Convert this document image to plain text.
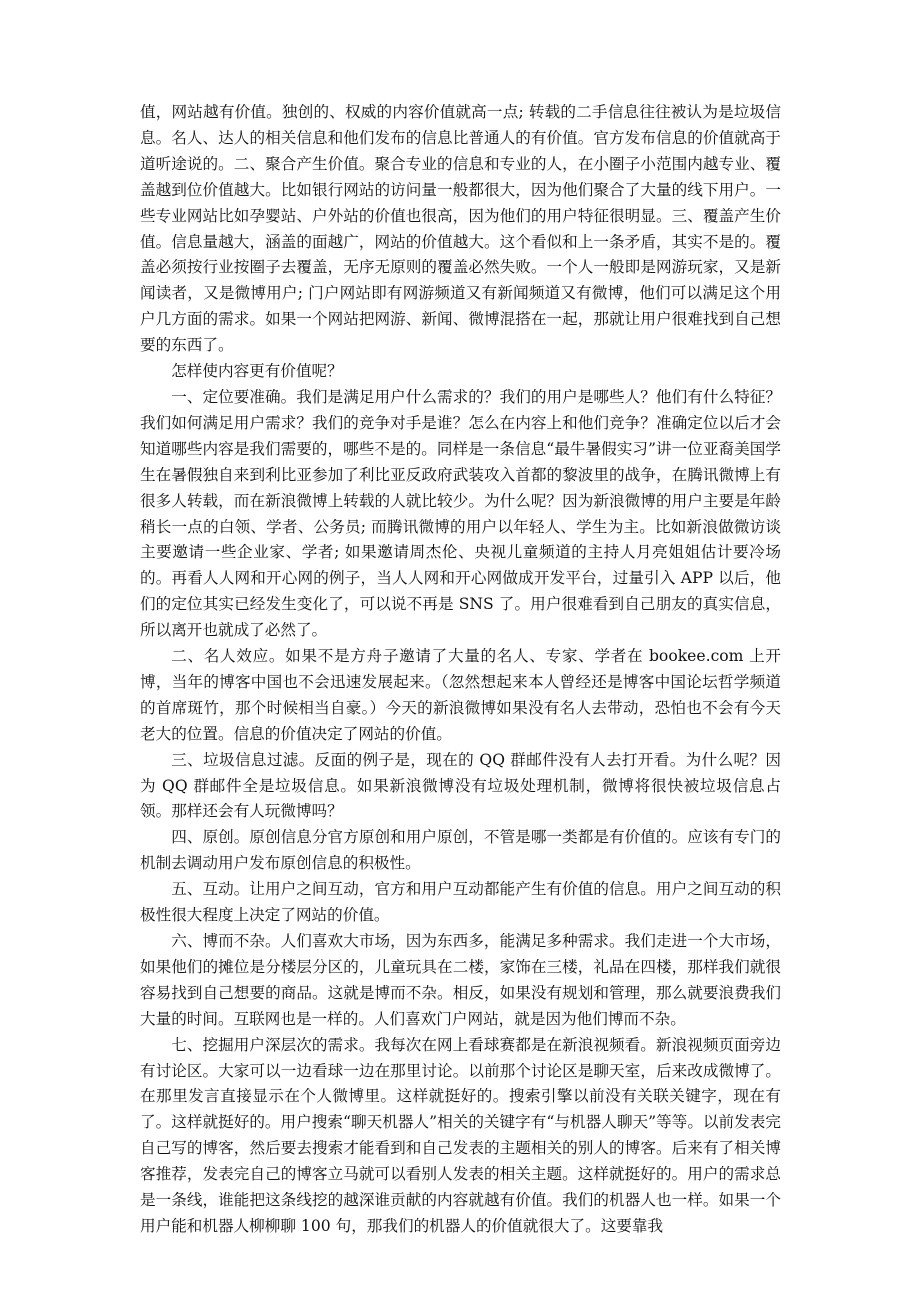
值，网站越有价值。独创的、权威的内容价值就高一点; 转载的二手信息往往被认为是垃圾信息。名人、达人的相关信息和他们发布的信息比普通人的有价值。官方发布信息的价值就高于道听途说的。二、聚合产生价值。聚合专业的信息和专业的人，在小圈子小范围内越专业、覆盖越到位价值越大。比如银行网站的访问量一般都很大，因为他们聚合了大量的线下用户。一些专业网站比如孕婴站、户外站的价值也很高，因为他们的用户特征很明显。三、覆盖产生价值。信息量越大，涵盖的面越广，网站的价值越大。这个看似和上一条矛盾，其实不是的。覆盖必须按行业按圈子去覆盖，无序无原则的覆盖必然失败。一个人一般即是网游玩家，又是新闻读者，又是微博用户; 门户网站即有网游频道又有新闻频道又有微博，他们可以满足这个用户几方面的需求。如果一个网站把网游、新闻、微博混搭在一起，那就让用户很难找到自己想要的东西了。

怎样使内容更有价值呢？

一、定位要准确。我们是满足用户什么需求的？我们的用户是哪些人？他们有什么特征？我们如何满足用户需求？我们的竞争对手是谁？怎么在内容上和他们竞争？准确定位以后才会知道哪些内容是我们需要的，哪些不是的。同样是一条信息“最牛暑假实习”讲一位亚裔美国学生在暑假独自来到利比亚参加了利比亚反政府武装攻入首都的黎波里的战争，在腾讯微博上有很多人转载，而在新浪微博上转载的人就比较少。为什么呢？因为新浪微博的用户主要是年龄稍长一点的白领、学者、公务员; 而腾讯微博的用户以年轻人、学生为主。比如新浪做微访谈主要邀请一些企业家、学者; 如果邀请周杰伦、央视儿童频道的主持人月亮姐姐估计要冷场的。再看人人网和开心网的例子，当人人网和开心网做成开发平台，过量引入 APP 以后，他们的定位其实已经发生变化了，可以说不再是 SNS 了。用户很难看到自己朋友的真实信息，所以离开也就成了必然了。

二、名人效应。如果不是方舟子邀请了大量的名人、专家、学者在 bookee.com 上开博，当年的博客中国也不会迅速发展起来。（忽然想起来本人曾经还是博客中国论坛哲学频道的首席斑竹，那个时候相当自豪。）今天的新浪微博如果没有名人去带动，恐怕也不会有今天老大的位置。信息的价值决定了网站的价值。

三、垃圾信息过滤。反面的例子是，现在的 QQ 群邮件没有人去打开看。为什么呢？因为 QQ 群邮件全是垃圾信息。如果新浪微博没有垃圾处理机制，微博将很快被垃圾信息占领。那样还会有人玩微博吗？

四、原创。原创信息分官方原创和用户原创，不管是哪一类都是有价值的。应该有专门的机制去调动用户发布原创信息的积极性。

五、互动。让用户之间互动，官方和用户互动都能产生有价值的信息。用户之间互动的积极性很大程度上决定了网站的价值。

六、博而不杂。人们喜欢大市场，因为东西多，能满足多种需求。我们走进一个大市场，如果他们的摊位是分楼层分区的，儿童玩具在二楼，家饰在三楼，礼品在四楼，那样我们就很容易找到自己想要的商品。这就是博而不杂。相反，如果没有规划和管理，那么就要浪费我们大量的时间。互联网也是一样的。人们喜欢门户网站，就是因为他们博而不杂。

七、挖掘用户深层次的需求。我每次在网上看球赛都是在新浪视频看。新浪视频页面旁边有讨论区。大家可以一边看球一边在那里讨论。以前那个讨论区是聊天室，后来改成微博了。在那里发言直接显示在个人微博里。这样就挺好的。搜索引擎以前没有关联关键字，现在有了。这样就挺好的。用户搜索“聊天机器人”相关的关键字有“与机器人聊天”等等。以前发表完自己写的博客，然后要去搜索才能看到和自己发表的主题相关的别人的博客。后来有了相关博客推荐，发表完自己的博客立马就可以看别人发表的相关主题。这样就挺好的。用户的需求总是一条线，谁能把这条线挖的越深谁贡献的内容就越有价值。我们的机器人也一样。如果一个用户能和机器人柳柳聊 100 句，那我们的机器人的价值就很大了。这要靠我
